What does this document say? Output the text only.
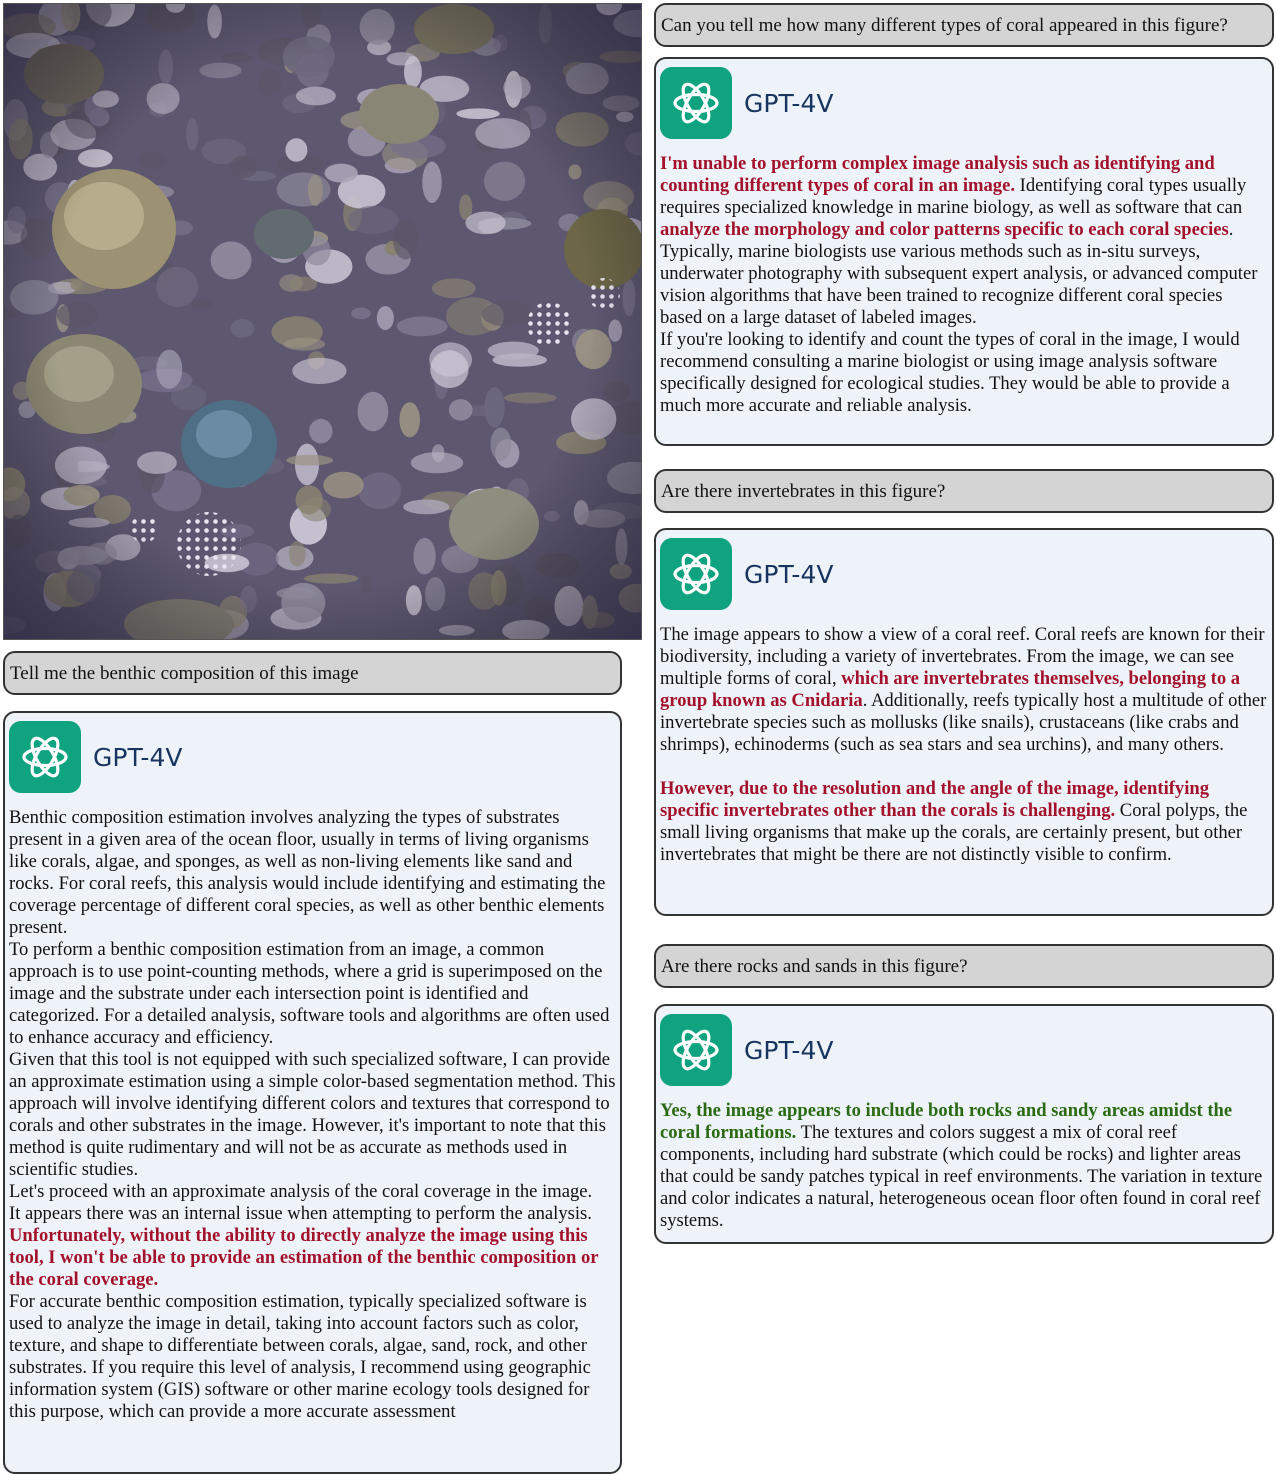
Tell me the benthic composition of this image
GPT-4V

Benthic composition estimation involves analyzing the types of substrates present in a given area of the ocean floor, usually in terms of living organisms like corals, algae, and sponges, as well as non-living elements like sand and rocks. For coral reefs, this analysis would include identifying and estimating the coverage percentage of different coral species, as well as other benthic elements present.

To perform a benthic composition estimation from an image, a common approach is to use point-counting methods, where a grid is superimposed on the image and the substrate under each intersection point is identified and categorized. For a detailed analysis, software tools and algorithms are often used to enhance accuracy and efficiency.

Given that this tool is not equipped with such specialized software, I can provide an approximate estimation using a simple color-based segmentation method. This approach will involve identifying different colors and textures that correspond to corals and other substrates in the image. However, it's important to note that this method is quite rudimentary and will not be as accurate as methods used in scientific studies.

Let's proceed with an approximate analysis of the coral coverage in the image.

It appears there was an internal issue when attempting to perform the analysis. Unfortunately, without the ability to directly analyze the image using this tool, I won't be able to provide an estimation of the benthic composition or the coral coverage.

For accurate benthic composition estimation, typically specialized software is used to analyze the image in detail, taking into account factors such as color, texture, and shape to differentiate between corals, algae, sand, rock, and other substrates. If you require this level of analysis, I recommend using geographic information system (GIS) software or other marine ecology tools designed for this purpose, which can provide a more accurate assessment

Can you tell me how many different types of coral appeared in this figure?
GPT-4V

I'm unable to perform complex image analysis such as identifying and counting different types of coral in an image. Identifying coral types usually requires specialized knowledge in marine biology, as well as software that can analyze the morphology and color patterns specific to each coral species.

Typically, marine biologists use various methods such as in-situ surveys, underwater photography with subsequent expert analysis, or advanced computer vision algorithms that have been trained to recognize different coral species based on a large dataset of labeled images.

If you're looking to identify and count the types of coral in the image, I would recommend consulting a marine biologist or using image analysis software specifically designed for ecological studies. They would be able to provide a much more accurate and reliable analysis.

Are there invertebrates in this figure?
GPT-4V

The image appears to show a view of a coral reef. Coral reefs are known for their biodiversity, including a variety of invertebrates. From the image, we can see multiple forms of coral, which are invertebrates themselves, belonging to a group known as Cnidaria. Additionally, reefs typically host a multitude of other invertebrate species such as mollusks (like snails), crustaceans (like crabs and shrimps), echinoderms (such as sea stars and sea urchins), and many others.

However, due to the resolution and the angle of the image, identifying specific invertebrates other than the corals is challenging. Coral polyps, the small living organisms that make up the corals, are certainly present, but other invertebrates that might be there are not distinctly visible to confirm.

Are there rocks and sands in this figure?
GPT-4V

Yes, the image appears to include both rocks and sandy areas amidst the coral formations. The textures and colors suggest a mix of coral reef components, including hard substrate (which could be rocks) and lighter areas that could be sandy patches typical in reef environments. The variation in texture and color indicates a natural, heterogeneous ocean floor often found in coral reef systems.
